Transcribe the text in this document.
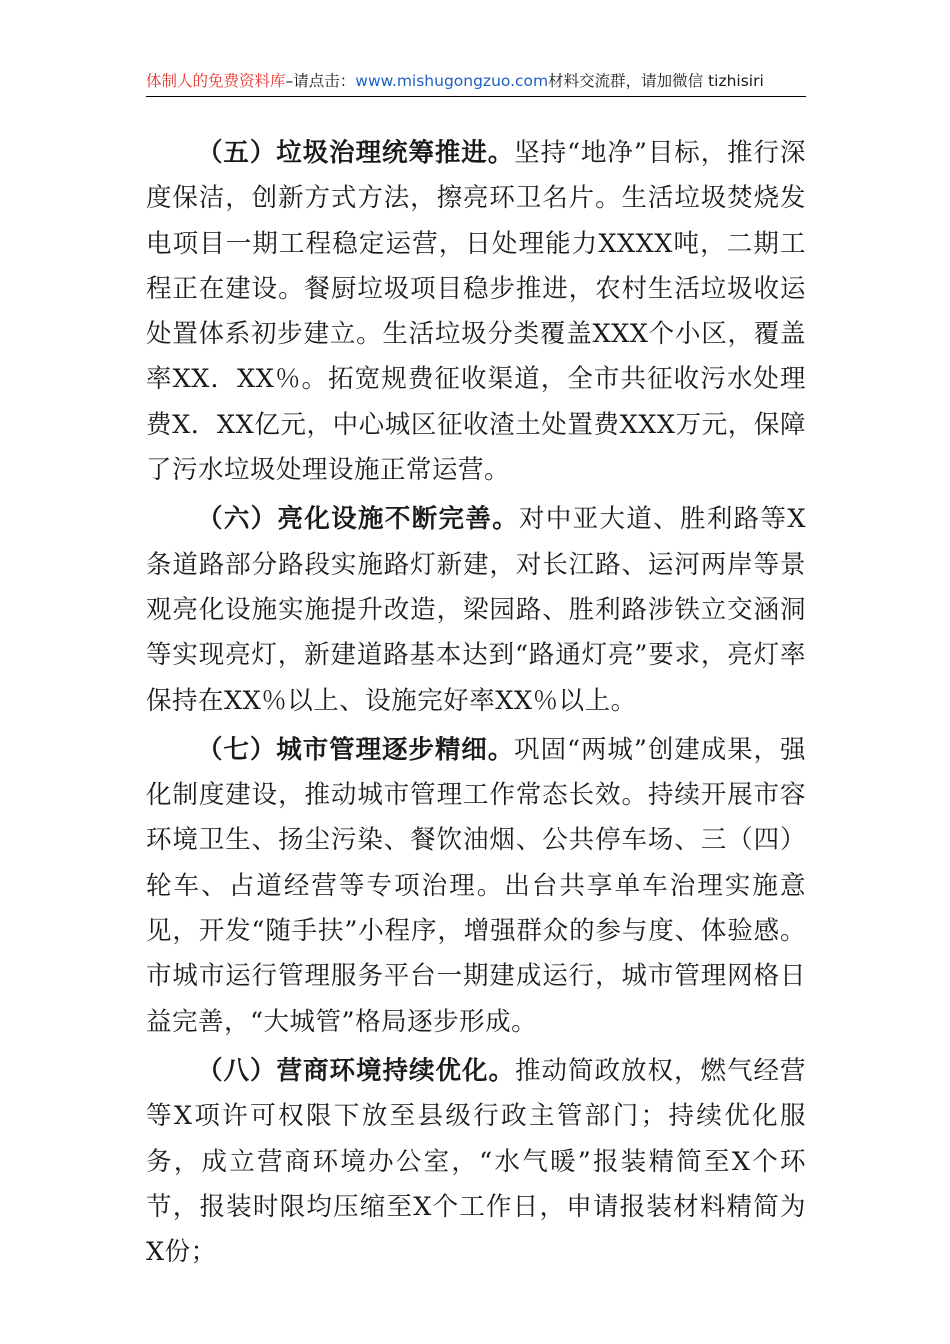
体制人的免费资料库–请点击：www.mishugongzuo.com材料交流群，请加微信 tizhisiri

（五）垃圾治理统筹推进。坚持“地净”目标，推行深度保洁，创新方式方法，擦亮环卫名片。生活垃圾焚烧发电项目一期工程稳定运营，日处理能力XXXX吨，二期工程正在建设。餐厨垃圾项目稳步推进，农村生活垃圾收运处置体系初步建立。生活垃圾分类覆盖XXX个小区，覆盖率XX．XX％。拓宽规费征收渠道，全市共征收污水处理费X．XX亿元，中心城区征收渣土处置费XXX万元，保障了污水垃圾处理设施正常运营。

（六）亮化设施不断完善。对中亚大道、胜利路等X条道路部分路段实施路灯新建，对长江路、运河两岸等景观亮化设施实施提升改造，梁园路、胜利路涉铁立交涵洞等实现亮灯，新建道路基本达到“路通灯亮”要求，亮灯率保持在XX％以上、设施完好率XX％以上。

（七）城市管理逐步精细。巩固“两城”创建成果，强化制度建设，推动城市管理工作常态长效。持续开展市容环境卫生、扬尘污染、餐饮油烟、公共停车场、三（四）轮车、占道经营等专项治理。出台共享单车治理实施意见，开发“随手扶”小程序，增强群众的参与度、体验感。市城市运行管理服务平台一期建成运行，城市管理网格日益完善，“大城管”格局逐步形成。

（八）营商环境持续优化。推动简政放权，燃气经营等X项许可权限下放至县级行政主管部门；持续优化服务，成立营商环境办公室，“水气暖”报装精简至X个环节，报装时限均压缩至X个工作日，申请报装材料精简为X份；
